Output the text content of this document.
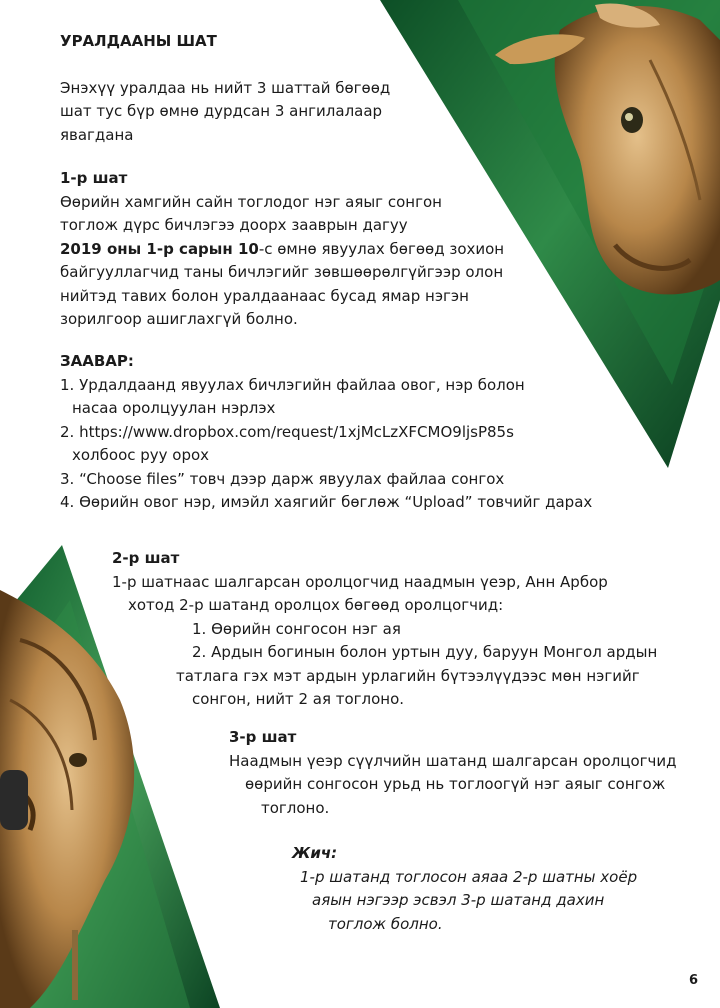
УРАЛДААНЫ ШАТ

Энэхүү уралдаа нь нийт 3 шаттай бөгөөд

шат тус бүр өмнө дурдсан 3 ангилалаар

явагдана

1-р шат

Өөрийн хамгийн сайн тоглодог нэг аяыг сонгон

тоглож дүрс бичлэгээ доорх зааврын дагуу

2019 оны 1-р сарын 10-с өмнө явуулах бөгөөд зохион

байгууллагчид таны бичлэгийг зөвшөөрөлгүйгээр олон

нийтэд тавих болон уралдаанаас бусад ямар нэгэн

зорилгоор ашиглахгүй болно.

ЗААВАР:

1. Урдалдаанд явуулах бичлэгийн файлаа овог, нэр болон

насаа оролцуулан нэрлэх

2. https://www.dropbox.com/request/1xjMcLzXFCMO9ljsP85s

холбоос руу орох

3. “Choose files” товч дээр дарж явуулах файлаа сонгох

4. Өөрийн овог нэр, имэйл хаягийг бөглөж “Upload” товчийг дарах

2-р шат

1-р шатнаас шалгарсан оролцогчид наадмын үеэр, Анн Арбор

хотод 2-р шатанд оролцох бөгөөд оролцогчид:

1. Өөрийн сонгосон нэг ая

2. Ардын богинын болон уртын дуу, баруун Монгол ардын

татлага гэх мэт ардын урлагийн бүтээлүүдээс мөн нэгийг

сонгон, нийт 2 ая тоглоно.

3-р шат

Наадмын үеэр сүүлчийн шатанд шалгарсан оролцогчид

өөрийн сонгосон урьд нь тоглоогүй нэг аяыг сонгож

тоглоно.

Жич:

1-р шатанд тоглосон аяаа 2-р шатны хоёр

аяын нэгээр эсвэл 3-р шатанд дахин

тоглож болно.

6
